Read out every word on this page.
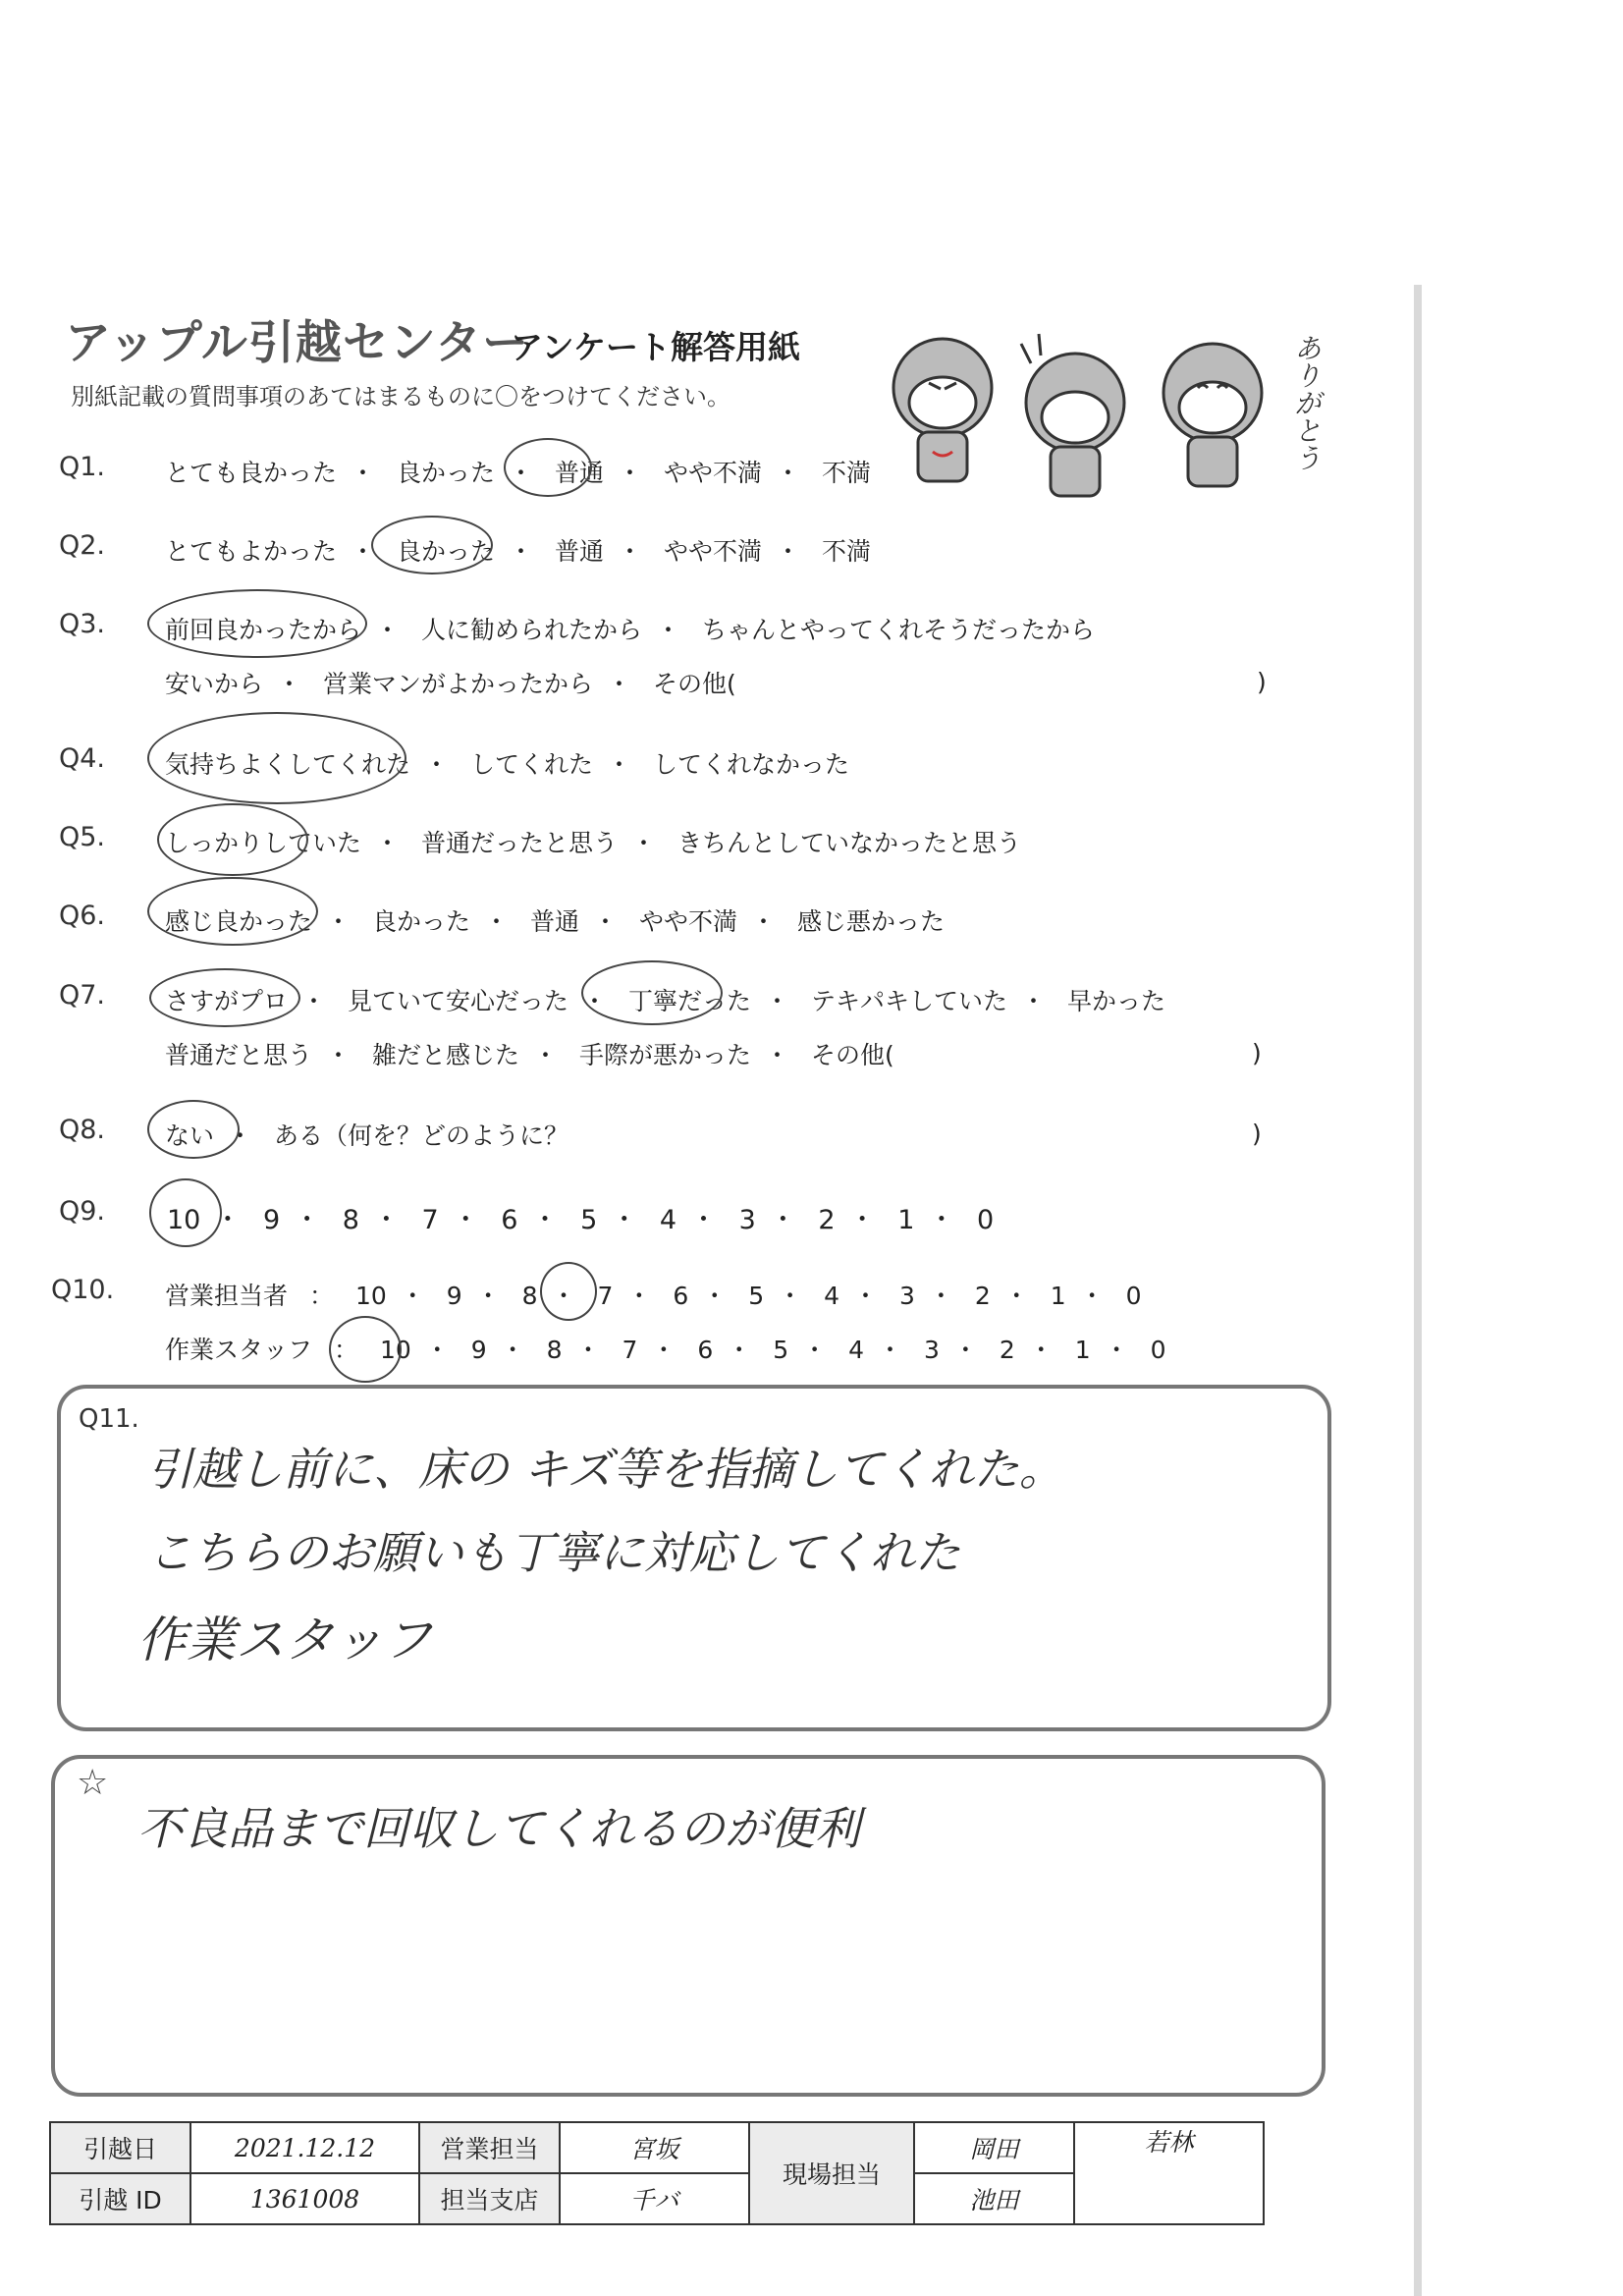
アップル引越センター
アンケート解答用紙
別紙記載の質問事項のあてはまるものに〇をつけてください。	ありがとう
Q1. とても良かった ・ 良かった ・ 普通 ・ やや不満 ・ 不満
Q2. とてもよかった ・ 良かった ・ 普通 ・ やや不満 ・ 不満
Q3. 前回良かったから ・ 人に勧められたから ・ ちゃんとやってくれそうだったから
安いから ・ 営業マンがよかったから ・ その他(	)
Q4. 気持ちよくしてくれた ・ してくれた ・ してくれなかった
Q5. しっかりしていた ・ 普通だったと思う ・ きちんとしていなかったと思う
Q6. 感じ良かった ・ 良かった ・ 普通 ・ やや不満 ・ 感じ悪かった
Q7. さすがプロ ・ 見ていて安心だった ・ 丁寧だった ・ テキパキしていた ・ 早かった
普通だと思う ・ 雑だと感じた ・ 手際が悪かった ・ その他(	)
Q8. ない ・ ある（何を？どのように？	)
Q9. 10 ・ 9 ・ 8 ・ 7 ・ 6 ・ 5 ・ 4 ・ 3 ・ 2 ・ 1 ・ 0
Q10. 営業担当者 ： 10 ・ 9 ・ 8 ・ 7 ・ 6 ・ 5 ・ 4 ・ 3 ・ 2 ・ 1 ・ 0
作業スタッフ ： 10 ・ 9 ・ 8 ・ 7 ・ 6 ・ 5 ・ 4 ・ 3 ・ 2 ・ 1 ・ 0
Q11.
引越し前に、床の キズ等を指摘してくれた。
こちらのお願いも丁寧に対応してくれた
作業スタッフ
☆
不良品まで回収してくれるのが便利
引越日	2021.12.12	営業担当	宮坂	現場担当	岡田	若林
引越 ID	1361008	担当支店	千バ		池田	
